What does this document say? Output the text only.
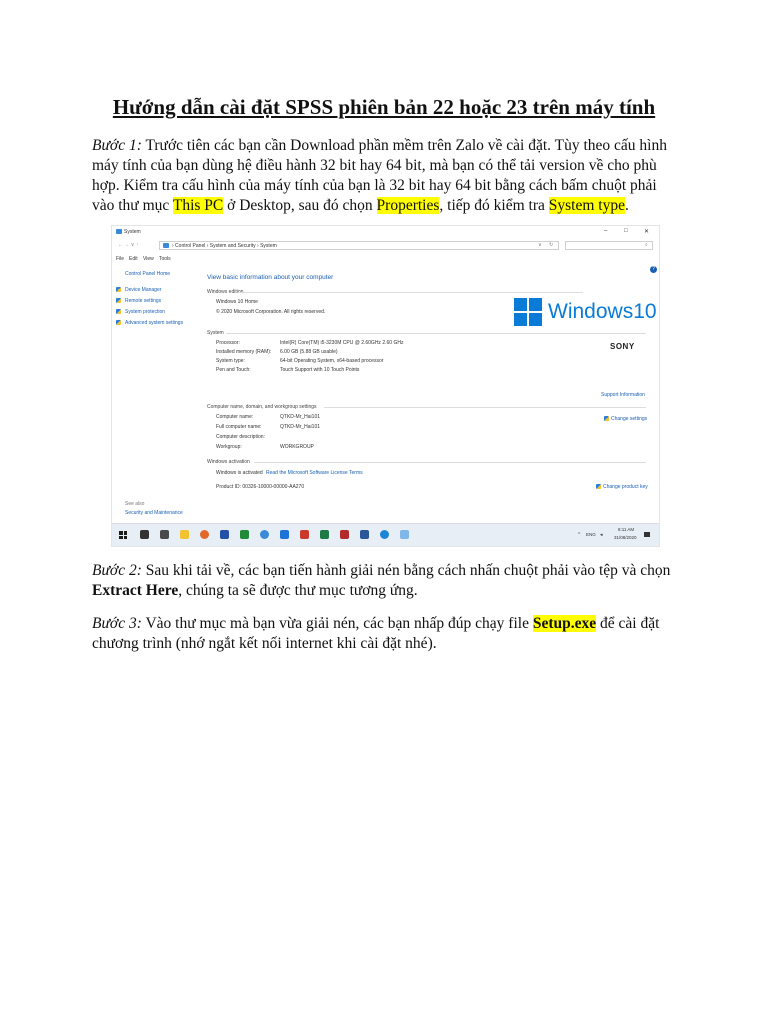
Hướng dẫn cài đặt SPSS phiên bản 22 hoặc 23 trên máy tính
Bước 1: Trước tiên các bạn cần Download phần mềm trên Zalo về cài đặt. Tùy theo cấu hình máy tính của bạn dùng hệ điều hành 32 bit hay 64 bit, mà bạn có thể tải version về cho phù hợp. Kiểm tra cấu hình của máy tính của bạn là 32 bit hay 64 bit bằng cách bấm chuột phải vào thư mục This PC ở Desktop, sau đó chọn Properties, tiếp đó kiểm tra System type.
System	–	□	✕
← → ∨ ↑	› Control Panel › System and Security › System	∨ ↻	⌕
File Edit View Tools
Control Panel Home
Device Manager
Remote settings
System protection
Advanced system settings
See also
Security and Maintenance
?
View basic information about your computer
Windows edition
Windows 10 Home
© 2020 Microsoft Corporation. All rights reserved.	Windows10
System
Processor:	Intel(R) Core(TM) i5-3230M CPU @ 2.60GHz 2.60 GHz
Installed memory (RAM): 6.00 GB (5.88 GB usable)
System type:	64-bit Operating System, x64-based processor
Pen and Touch:	Touch Support with 10 Touch Points
SONY
Support Information
Computer name, domain, and workgroup settings
Computer name:	QTKD-Mr_Hai101
Full computer name:	QTKD-Mr_Hai101
Computer description:
Workgroup:	WORKGROUP
Change settings
Windows activation
Windows is activated Read the Microsoft Software License Terms
Product ID: 00326-10000-00000-AA270	Change product key
^ ENG ◂
8:11 AM
31/08/2020
Bước 2: Sau khi tải về, các bạn tiến hành giải nén bằng cách nhấn chuột phải vào tệp và chọn Extract Here, chúng ta sẽ được thư mục tương ứng.
Bước 3: Vào thư mục mà bạn vừa giải nén, các bạn nhấp đúp chạy file Setup.exe để cài đặt chương trình (nhớ ngắt kết nối internet khi cài đặt nhé).
